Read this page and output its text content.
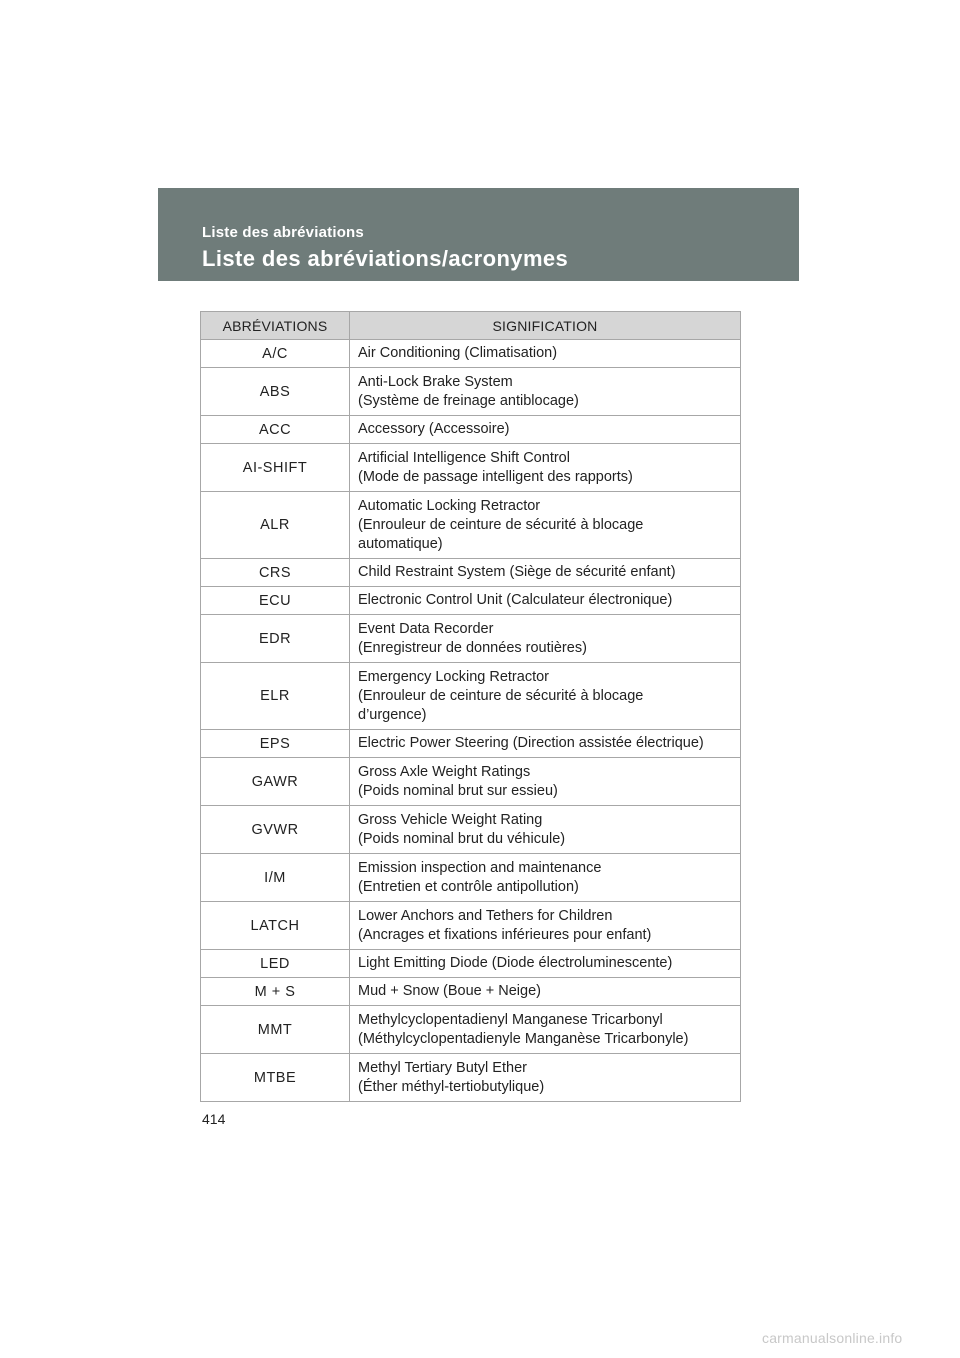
Liste des abréviations
Liste des abréviations/acronymes
ABRÉVIATIONS	SIGNIFICATION
A/C	Air Conditioning (Climatisation)

ABS	Anti-Lock Brake System
(Système de freinage antiblocage)

ACC	Accessory (Accessoire)

AI-SHIFT	Artificial Intelligence Shift Control
(Mode de passage intelligent des rapports)

ALR	Automatic Locking Retractor
(Enrouleur de ceinture de sécurité à blocage
automatique)

CRS	Child Restraint System (Siège de sécurité enfant)

ECU	Electronic Control Unit (Calculateur électronique)

EDR	Event Data Recorder
(Enregistreur de données routières)

ELR	Emergency Locking Retractor
(Enrouleur de ceinture de sécurité à blocage
d’urgence)

EPS	Electric Power Steering (Direction assistée électrique)

GAWR	Gross Axle Weight Ratings
(Poids nominal brut sur essieu)

GVWR	Gross Vehicle Weight Rating
(Poids nominal brut du véhicule)

I/M	Emission inspection and maintenance
(Entretien et contrôle antipollution)

LATCH	Lower Anchors and Tethers for Children
(Ancrages et fixations inférieures pour enfant)

LED	Light Emitting Diode (Diode électroluminescente)

M + S	Mud + Snow (Boue + Neige)

MMT	Methylcyclopentadienyl Manganese Tricarbonyl
(Méthylcyclopentadienyle Manganèse Tricarbonyle)

MTBE	Methyl Tertiary Butyl Ether
(Éther méthyl-tertiobutylique)
414
carmanualsonline.info
